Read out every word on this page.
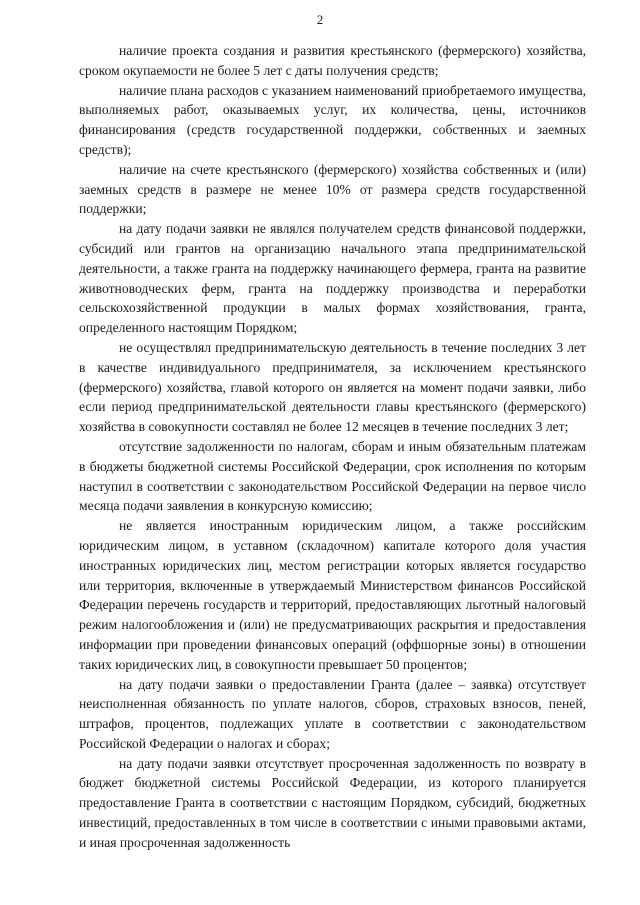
2

наличие проекта создания и развития крестьянского (фермерского) хозяйства, сроком окупаемости не более 5 лет с даты получения средств;

наличие плана расходов с указанием наименований приобретаемого имущества, выполняемых работ, оказываемых услуг, их количества, цены, источников финансирования (средств государственной поддержки, собственных и заемных средств);

наличие на счете крестьянского (фермерского) хозяйства собственных и (или) заемных средств в размере не менее 10% от размера средств государственной поддержки;

на дату подачи заявки не являлся получателем средств финансовой поддержки, субсидий или грантов на организацию начального этапа предпринимательской деятельности, а также гранта на поддержку начинающего фермера, гранта на развитие животноводческих ферм, гранта на поддержку производства и переработки сельскохозяйственной продукции в малых формах хозяйствования, гранта, определенного настоящим Порядком;

не осуществлял предпринимательскую деятельность в течение последних 3 лет в качестве индивидуального предпринимателя, за исключением крестьянского (фермерского) хозяйства, главой которого он является на момент подачи заявки, либо если период предпринимательской деятельности главы крестьянского (фермерского) хозяйства в совокупности составлял не более 12 месяцев в течение последних 3 лет;

отсутствие задолженности по налогам, сборам и иным обязательным платежам в бюджеты бюджетной системы Российской Федерации, срок исполнения по которым наступил в соответствии с законодательством Российской Федерации на первое число месяца подачи заявления в конкурсную комиссию;

не является иностранным юридическим лицом, а также российским юридическим лицом, в уставном (складочном) капитале которого доля участия иностранных юридических лиц, местом регистрации которых является государство или территория, включенные в утверждаемый Министерством финансов Российской Федерации перечень государств и территорий, предоставляющих льготный налоговый режим налогообложения и (или) не предусматривающих раскрытия и предоставления информации при проведении финансовых операций (оффшорные зоны) в отношении таких юридических лиц, в совокупности превышает 50 процентов;

на дату подачи заявки о предоставлении Гранта (далее – заявка) отсутствует неисполненная обязанность по уплате налогов, сборов, страховых взносов, пеней, штрафов, процентов, подлежащих уплате в соответствии с законодательством Российской Федерации о налогах и сборах;

на дату подачи заявки отсутствует просроченная задолженность по возврату в бюджет бюджетной системы Российской Федерации, из которого планируется предоставление Гранта в соответствии с настоящим Порядком, субсидий, бюджетных инвестиций, предоставленных в том числе в соответствии с иными правовыми актами, и иная просроченная задолженность
